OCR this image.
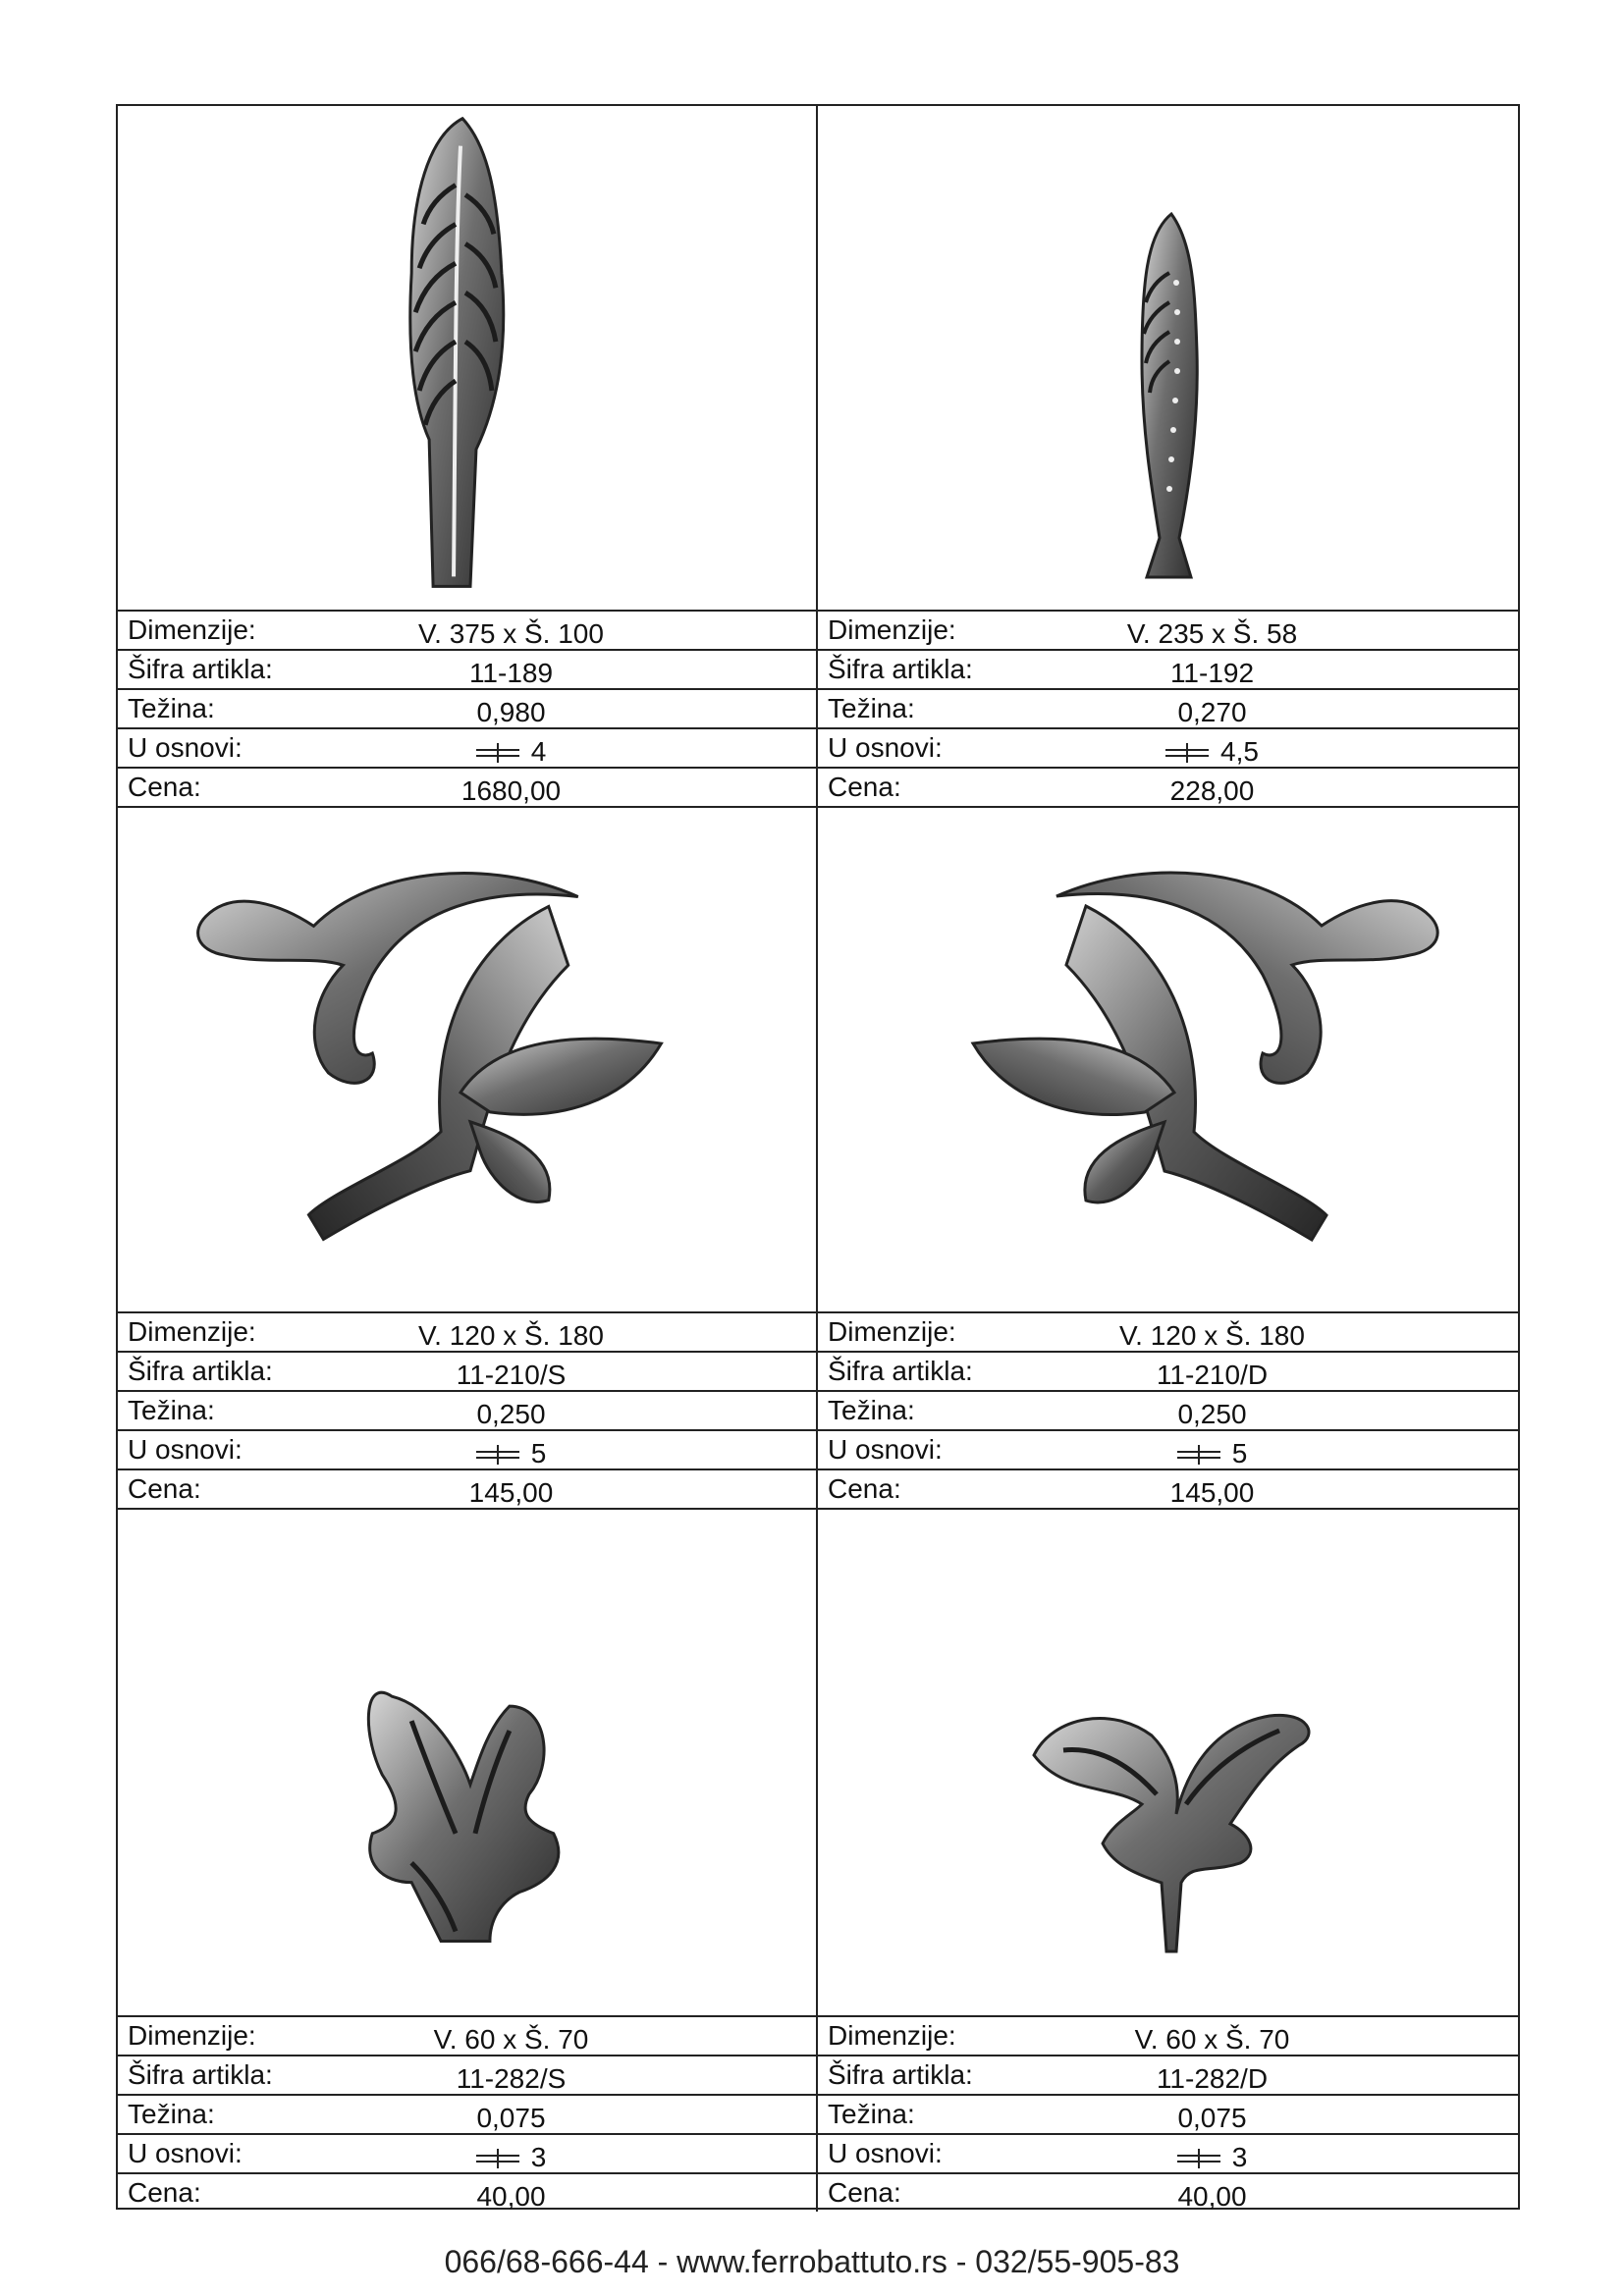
Dimenzije:	V. 375 x Š. 100
Šifra artikla:	11-189
Težina:	0,980
U osnovi:	4
Cena:	1680,00
Dimenzije:	V. 235 x Š. 58
Šifra artikla:	11-192
Težina:	0,270
U osnovi:	4,5
Cena:	228,00
Dimenzije:	V. 120 x Š. 180
Šifra artikla:	11-210/S
Težina:	0,250
U osnovi:	5
Cena:	145,00
Dimenzije:	V. 120 x Š. 180
Šifra artikla:	11-210/D
Težina:	0,250
U osnovi:	5
Cena:	145,00
Dimenzije:	V. 60 x Š. 70
Šifra artikla:	11-282/S
Težina:	0,075
U osnovi:	3
Cena:	40,00
Dimenzije:	V. 60 x Š. 70
Šifra artikla:	11-282/D
Težina:	0,075
U osnovi:	3
Cena:	40,00
066/68-666-44 - www.ferrobattuto.rs - 032/55-905-83
